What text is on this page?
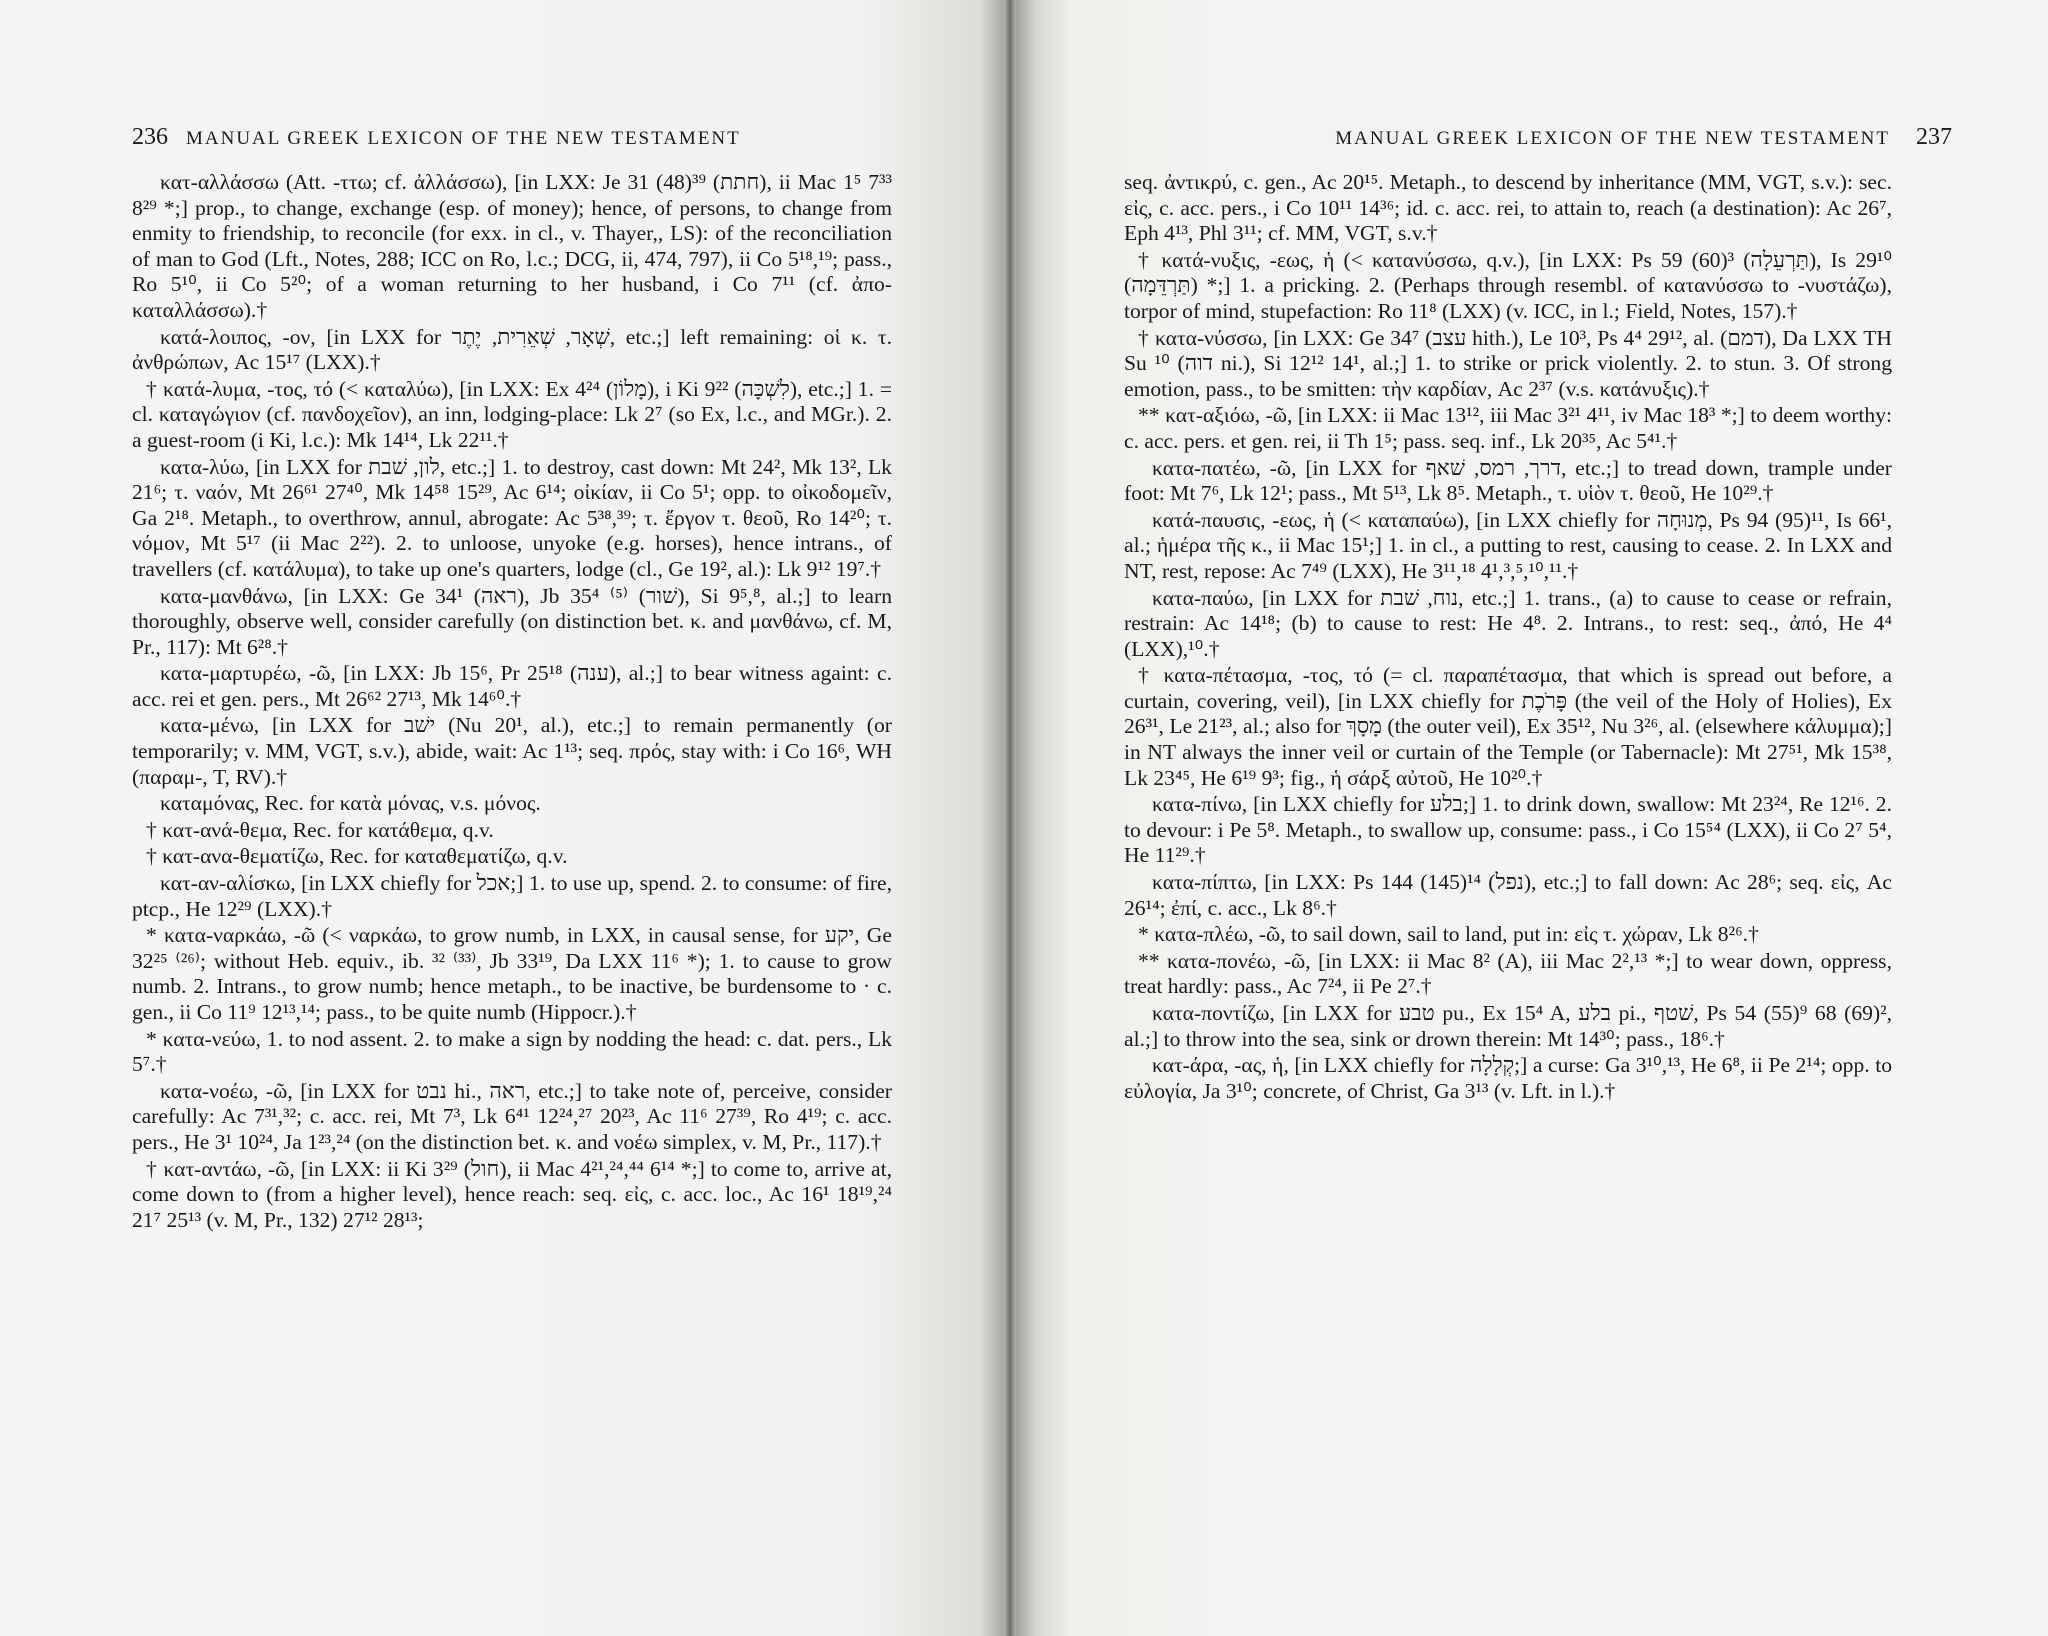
236 MANUAL GREEK LEXICON OF THE NEW TESTAMENT	MANUAL GREEK LEXICON OF THE NEW TESTAMENT 237

κατ-αλλάσσω (Att. -ττω; cf. ἀλλάσσω), [in LXX: Je 31 (48)³⁹ (חתת), ii Mac 1⁵ 7³³ 8²⁹ *;] prop., to change, exchange (esp. of money); hence, of persons, to change from enmity to friendship, to reconcile (for exx. in cl., v. Thayer,, LS): of the reconciliation of man to God (Lft., Notes, 288; ICC on Ro, l.c.; DCG, ii, 474, 797), ii Co 5¹⁸,¹⁹; pass., Ro 5¹⁰, ii Co 5²⁰; of a woman returning to her husband, i Co 7¹¹ (cf. ἀπο-καταλλάσσω).†

κατά-λοιπος, -ον, [in LXX for שְׁאָר, שְׁאֵרִית, יֶתֶר, etc.;] left remaining: οἱ κ. τ. ἀνθρώπων, Ac 15¹⁷ (LXX).†

† κατά-λυμα, -τος, τό (< καταλύω), [in LXX: Ex 4²⁴ (מָלוֹן), i Ki 9²² (לִשְׁכָּה), etc.;] 1. = cl. καταγώγιον (cf. πανδοχεῖον), an inn, lodging-place: Lk 2⁷ (so Ex, l.c., and MGr.). 2. a guest-room (i Ki, l.c.): Mk 14¹⁴, Lk 22¹¹.†

κατα-λύω, [in LXX for לון, שׁבת, etc.;] 1. to destroy, cast down: Mt 24², Mk 13², Lk 21⁶; τ. ναόν, Mt 26⁶¹ 27⁴⁰, Mk 14⁵⁸ 15²⁹, Ac 6¹⁴; οἰκίαν, ii Co 5¹; opp. to οἰκοδομεῖν, Ga 2¹⁸. Metaph., to overthrow, annul, abrogate: Ac 5³⁸,³⁹; τ. ἔργον τ. θεοῦ, Ro 14²⁰; τ. νόμον, Mt 5¹⁷ (ii Mac 2²²). 2. to unloose, unyoke (e.g. horses), hence intrans., of travellers (cf. κατάλυμα), to take up one's quarters, lodge (cl., Ge 19², al.): Lk 9¹² 19⁷.†

κατα-μανθάνω, [in LXX: Ge 34¹ (ראה), Jb 35⁴ ⁽⁵⁾ (שׁור), Si 9⁵,⁸, al.;] to learn thoroughly, observe well, consider carefully (on distinction bet. κ. and μανθάνω, cf. M, Pr., 117): Mt 6²⁸.†

κατα-μαρτυρέω, -ῶ, [in LXX: Jb 15⁶, Pr 25¹⁸ (ענה), al.;] to bear witness againt: c. acc. rei et gen. pers., Mt 26⁶² 27¹³, Mk 14⁶⁰.†

κατα-μένω, [in LXX for ישׁב (Nu 20¹, al.), etc.;] to remain permanently (or temporarily; v. MM, VGT, s.v.), abide, wait: Ac 1¹³; seq. πρός, stay with: i Co 16⁶, WH (παραμ-, T, RV).†

καταμόνας, Rec. for κατὰ μόνας, v.s. μόνος.

† κατ-ανά-θεμα, Rec. for κατάθεμα, q.v.

† κατ-ανα-θεματίζω, Rec. for καταθεματίζω, q.v.

κατ-αν-αλίσκω, [in LXX chiefly for אכל;] 1. to use up, spend. 2. to consume: of fire, ptcp., He 12²⁹ (LXX).†

* κατα-ναρκάω, -ῶ (< ναρκάω, to grow numb, in LXX, in causal sense, for יקע, Ge 32²⁵ ⁽²⁶⁾; without Heb. equiv., ib. ³² ⁽³³⁾, Jb 33¹⁹, Da LXX 11⁶ *); 1. to cause to grow numb. 2. Intrans., to grow numb; hence metaph., to be inactive, be burdensome to · c. gen., ii Co 11⁹ 12¹³,¹⁴; pass., to be quite numb (Hippocr.).†

* κατα-νεύω, 1. to nod assent. 2. to make a sign by nodding the head: c. dat. pers., Lk 5⁷.†

κατα-νοέω, -ῶ, [in LXX for נבט hi., ראה, etc.;] to take note of, perceive, consider carefully: Ac 7³¹,³²; c. acc. rei, Mt 7³, Lk 6⁴¹ 12²⁴,²⁷ 20²³, Ac 11⁶ 27³⁹, Ro 4¹⁹; c. acc. pers., He 3¹ 10²⁴, Ja 1²³,²⁴ (on the distinction bet. κ. and νοέω simplex, v. M, Pr., 117).†

† κατ-αντάω, -ῶ, [in LXX: ii Ki 3²⁹ (חול), ii Mac 4²¹,²⁴,⁴⁴ 6¹⁴ *;] to come to, arrive at, come down to (from a higher level), hence reach: seq. εἰς, c. acc. loc., Ac 16¹ 18¹⁹,²⁴ 21⁷ 25¹³ (v. M, Pr., 132) 27¹² 28¹³;

seq. ἀντικρύ, c. gen., Ac 20¹⁵. Metaph., to descend by inheritance (MM, VGT, s.v.): sec. εἰς, c. acc. pers., i Co 10¹¹ 14³⁶; id. c. acc. rei, to attain to, reach (a destination): Ac 26⁷, Eph 4¹³, Phl 3¹¹; cf. MM, VGT, s.v.†

† κατά-νυξις, -εως, ἡ (< κατανύσσω, q.v.), [in LXX: Ps 59 (60)³ (תַּרְעֵלָה), Is 29¹⁰ (תַּרְדֵּמָה) *;] 1. a pricking. 2. (Perhaps through resembl. of κατανύσσω to -νυστάζω), torpor of mind, stupefaction: Ro 11⁸ (LXX) (v. ICC, in l.; Field, Notes, 157).†

† κατα-νύσσω, [in LXX: Ge 34⁷ (עצב hith.), Le 10³, Ps 4⁴ 29¹², al. (דמם), Da LXX TH Su ¹⁰ (דוה ni.), Si 12¹² 14¹, al.;] 1. to strike or prick violently. 2. to stun. 3. Of strong emotion, pass., to be smitten: τὴν καρδίαν, Ac 2³⁷ (v.s. κατάνυξις).†

** κατ-αξιόω, -ῶ, [in LXX: ii Mac 13¹², iii Mac 3²¹ 4¹¹, iv Mac 18³ *;] to deem worthy: c. acc. pers. et gen. rei, ii Th 1⁵; pass. seq. inf., Lk 20³⁵, Ac 5⁴¹.†

κατα-πατέω, -ῶ, [in LXX for דרך, רמס, שׁאף, etc.;] to tread down, trample under foot: Mt 7⁶, Lk 12¹; pass., Mt 5¹³, Lk 8⁵. Metaph., τ. υἱὸν τ. θεοῦ, He 10²⁹.†

κατά-παυσις, -εως, ἡ (< καταπαύω), [in LXX chiefly for מְנוּחָה, Ps 94 (95)¹¹, Is 66¹, al.; ἡμέρα τῆς κ., ii Mac 15¹;] 1. in cl., a putting to rest, causing to cease. 2. In LXX and NT, rest, repose: Ac 7⁴⁹ (LXX), He 3¹¹,¹⁸ 4¹,³,⁵,¹⁰,¹¹.†

κατα-παύω, [in LXX for נוח, שׁבת, etc.;] 1. trans., (a) to cause to cease or refrain, restrain: Ac 14¹⁸; (b) to cause to rest: He 4⁸. 2. Intrans., to rest: seq., ἀπό, He 4⁴ (LXX),¹⁰.†

† κατα-πέτασμα, -τος, τό (= cl. παραπέτασμα, that which is spread out before, a curtain, covering, veil), [in LXX chiefly for פָּרֹכֶת (the veil of the Holy of Holies), Ex 26³¹, Le 21²³, al.; also for מָסָךְ (the outer veil), Ex 35¹², Nu 3²⁶, al. (elsewhere κάλυμμα);] in NT always the inner veil or curtain of the Temple (or Tabernacle): Mt 27⁵¹, Mk 15³⁸, Lk 23⁴⁵, He 6¹⁹ 9³; fig., ἡ σάρξ αὐτοῦ, He 10²⁰.†

κατα-πίνω, [in LXX chiefly for בלע;] 1. to drink down, swallow: Mt 23²⁴, Re 12¹⁶. 2. to devour: i Pe 5⁸. Metaph., to swallow up, consume: pass., i Co 15⁵⁴ (LXX), ii Co 2⁷ 5⁴, He 11²⁹.†

κατα-πίπτω, [in LXX: Ps 144 (145)¹⁴ (נפל), etc.;] to fall down: Ac 28⁶; seq. εἰς, Ac 26¹⁴; ἐπί, c. acc., Lk 8⁶.†

* κατα-πλέω, -ῶ, to sail down, sail to land, put in: εἰς τ. χώραν, Lk 8²⁶.†

** κατα-πονέω, -ῶ, [in LXX: ii Mac 8² (A), iii Mac 2²,¹³ *;] to wear down, oppress, treat hardly: pass., Ac 7²⁴, ii Pe 2⁷.†

κατα-ποντίζω, [in LXX for טבע pu., Ex 15⁴ A, בלע pi., שׁטף, Ps 54 (55)⁹ 68 (69)², al.;] to throw into the sea, sink or drown therein: Mt 14³⁰; pass., 18⁶.†

κατ-άρα, -ας, ἡ, [in LXX chiefly for קְלָלָה;] a curse: Ga 3¹⁰,¹³, He 6⁸, ii Pe 2¹⁴; opp. to εὐλογία, Ja 3¹⁰; concrete, of Christ, Ga 3¹³ (v. Lft. in l.).†
